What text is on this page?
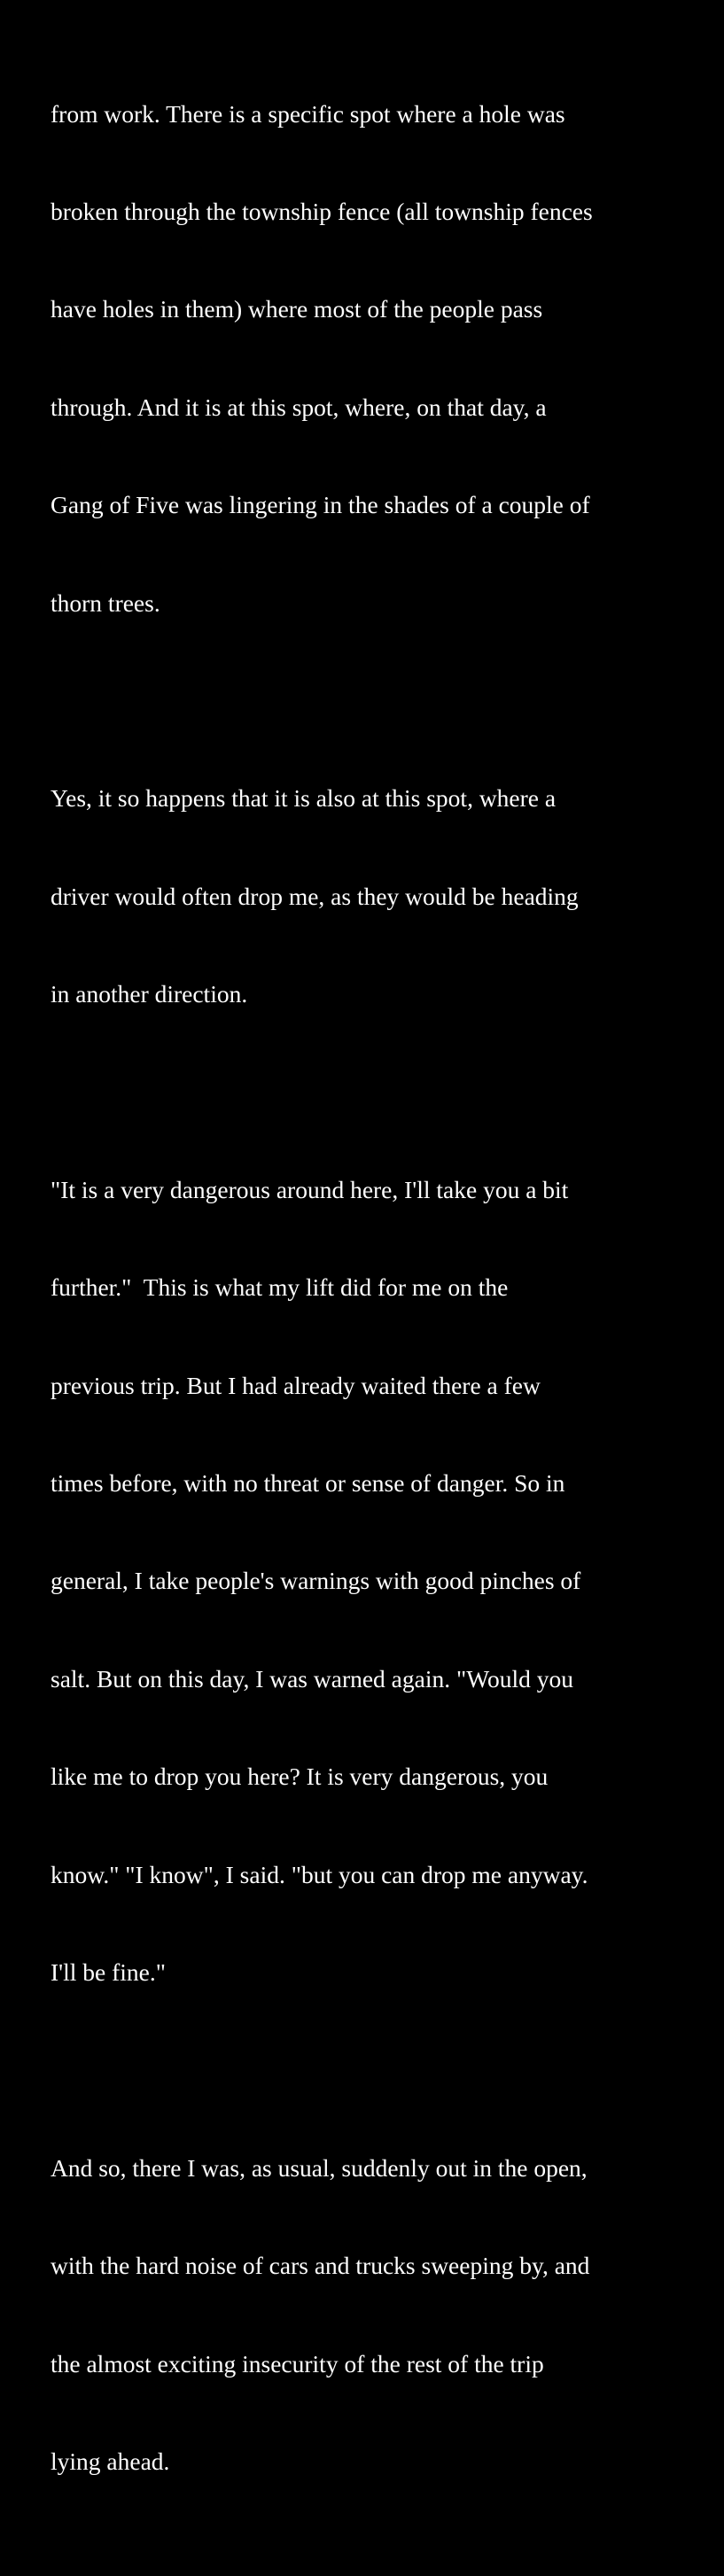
from work. There is a specific spot where a hole was

broken through the township fence (all township fences

have holes in them) where most of the people pass

through. And it is at this spot, where, on that day, a

Gang of Five was lingering in the shades of a couple of

thorn trees.

Yes, it so happens that it is also at this spot, where a

driver would often drop me, as they would be heading

in another direction.

"It is a very dangerous around here, I'll take you a bit

further."  This is what my lift did for me on the

previous trip. But I had already waited there a few

times before, with no threat or sense of danger. So in

general, I take people's warnings with good pinches of

salt. But on this day, I was warned again. "Would you

like me to drop you here? It is very dangerous, you

know." "I know", I said. "but you can drop me anyway.

I'll be fine."

And so, there I was, as usual, suddenly out in the open,

with the hard noise of cars and trucks sweeping by, and

the almost exciting insecurity of the rest of the trip

lying ahead.
